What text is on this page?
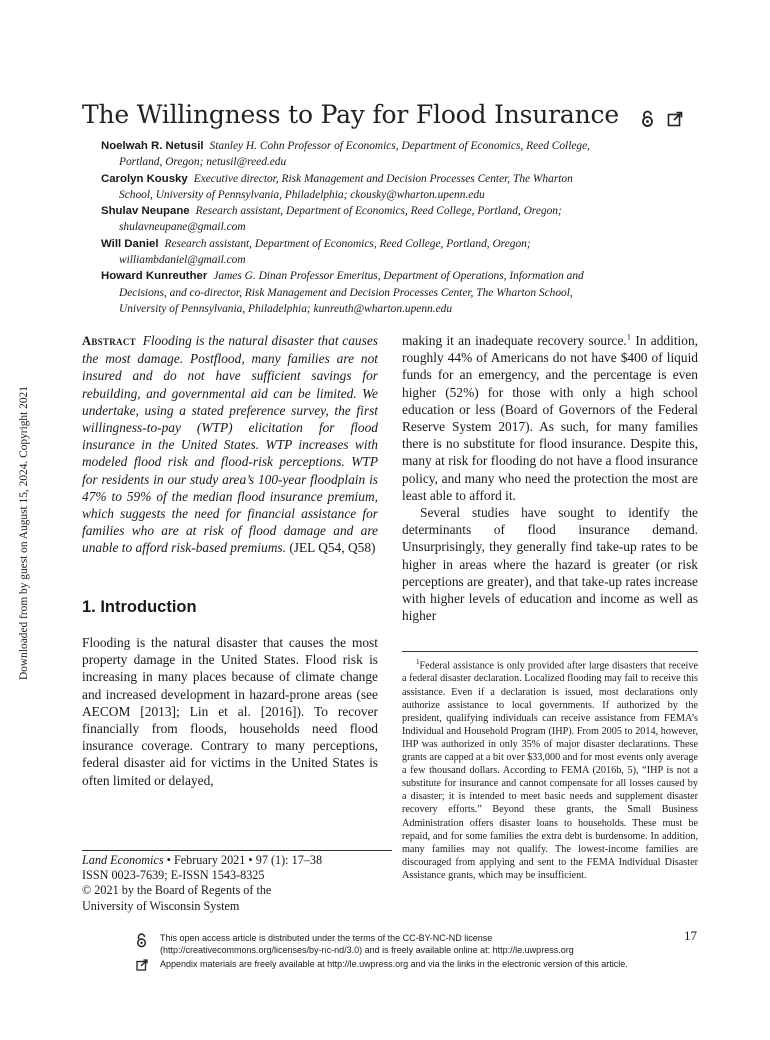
The Willingness to Pay for Flood Insurance
Noelwah R. Netusil Stanley H. Cohn Professor of Economics, Department of Economics, Reed College,
Portland, Oregon; netusil@reed.edu
Carolyn Kousky Executive director, Risk Management and Decision Processes Center, The Wharton
School, University of Pennsylvania, Philadelphia; ckousky@wharton.upenn.edu
Shulav Neupane Research assistant, Department of Economics, Reed College, Portland, Oregon;
shulavneupane@gmail.com
Will Daniel Research assistant, Department of Economics, Reed College, Portland, Oregon;
williambdaniel@gmail.com
Howard Kunreuther James G. Dinan Professor Emeritus, Department of Operations, Information and
Decisions, and co-director, Risk Management and Decision Processes Center, The Wharton School,
University of Pennsylvania, Philadelphia; kunreuth@wharton.upenn.edu
Downloaded from by guest on August 15, 2024. Copyright 2021
Abstract Flooding is the natural disaster that causes the most damage. Postflood, many families are not insured and do not have sufficient savings for rebuilding, and governmental aid can be limited. We undertake, using a stated preference survey, the first willingness-to-pay (WTP) elicitation for flood insurance in the United States. WTP increases with modeled flood risk and flood-risk perceptions. WTP for residents in our study area’s 100-year floodplain is 47% to 59% of the median flood insurance premium, which suggests the need for financial assistance for families who are at risk of flood damage and are unable to afford risk-based premiums. (JEL Q54, Q58)
1. Introduction
Flooding is the natural disaster that causes the most property damage in the United States. Flood risk is increasing in many places because of climate change and increased development in hazard-prone areas (see AECOM [2013]; Lin et al. [2016]). To recover financially from floods, households need flood insurance coverage. Contrary to many perceptions, federal disaster aid for victims in the United States is often limited or delayed,

making it an inadequate recovery source.$^1$ In addition, roughly 44% of Americans do not have $400 of liquid funds for an emergency, and the percentage is even higher (52%) for those with only a high school education or less (Board of Governors of the Federal Reserve System 2017). As such, for many families there is no substitute for flood insurance. Despite this, many at risk for flooding do not have a flood insurance policy, and many who need the protection the most are least able to afford it.

Several studies have sought to identify the determinants of flood insurance demand. Unsurprisingly, they generally find take-up rates to be higher in areas where the hazard is greater (or risk perceptions are greater), and that take-up rates increase with higher levels of education and income as well as higher

$^1$Federal assistance is only provided after large disasters that receive a federal disaster declaration. Localized flooding may fail to receive this assistance. Even if a declaration is issued, most declarations only authorize assistance to local governments. If authorized by the president, qualifying individuals can receive assistance from FEMA’s Individual and Household Program (IHP). From 2005 to 2014, however, IHP was authorized in only 35% of major disaster declarations. These grants are capped at a bit over $33,000 and for most events only average a few thousand dollars. According to FEMA (2016b, 5), “IHP is not a substitute for insurance and cannot compensate for all losses caused by a disaster; it is intended to meet basic needs and supplement disaster recovery efforts.” Beyond these grants, the Small Business Administration offers disaster loans to households. These must be repaid, and for some families the extra debt is burdensome. In addition, many families may not qualify. The lowest-income families are discouraged from applying and sent to the FEMA Individual Disaster Assistance grants, which may be insufficient.
Land Economics • February 2021 • 97 (1): 17–38
ISSN 0023-7639; E-ISSN 1543-8325
© 2021 by the Board of Regents of the
University of Wisconsin System
17
This open access article is distributed under the terms of the CC-BY-NC-ND license (http://creativecommons.org/licenses/by-nc-nd/3.0) and is freely available online at: http://le.uwpress.org
Appendix materials are freely available at http://le.uwpress.org and via the links in the electronic version of this article.
